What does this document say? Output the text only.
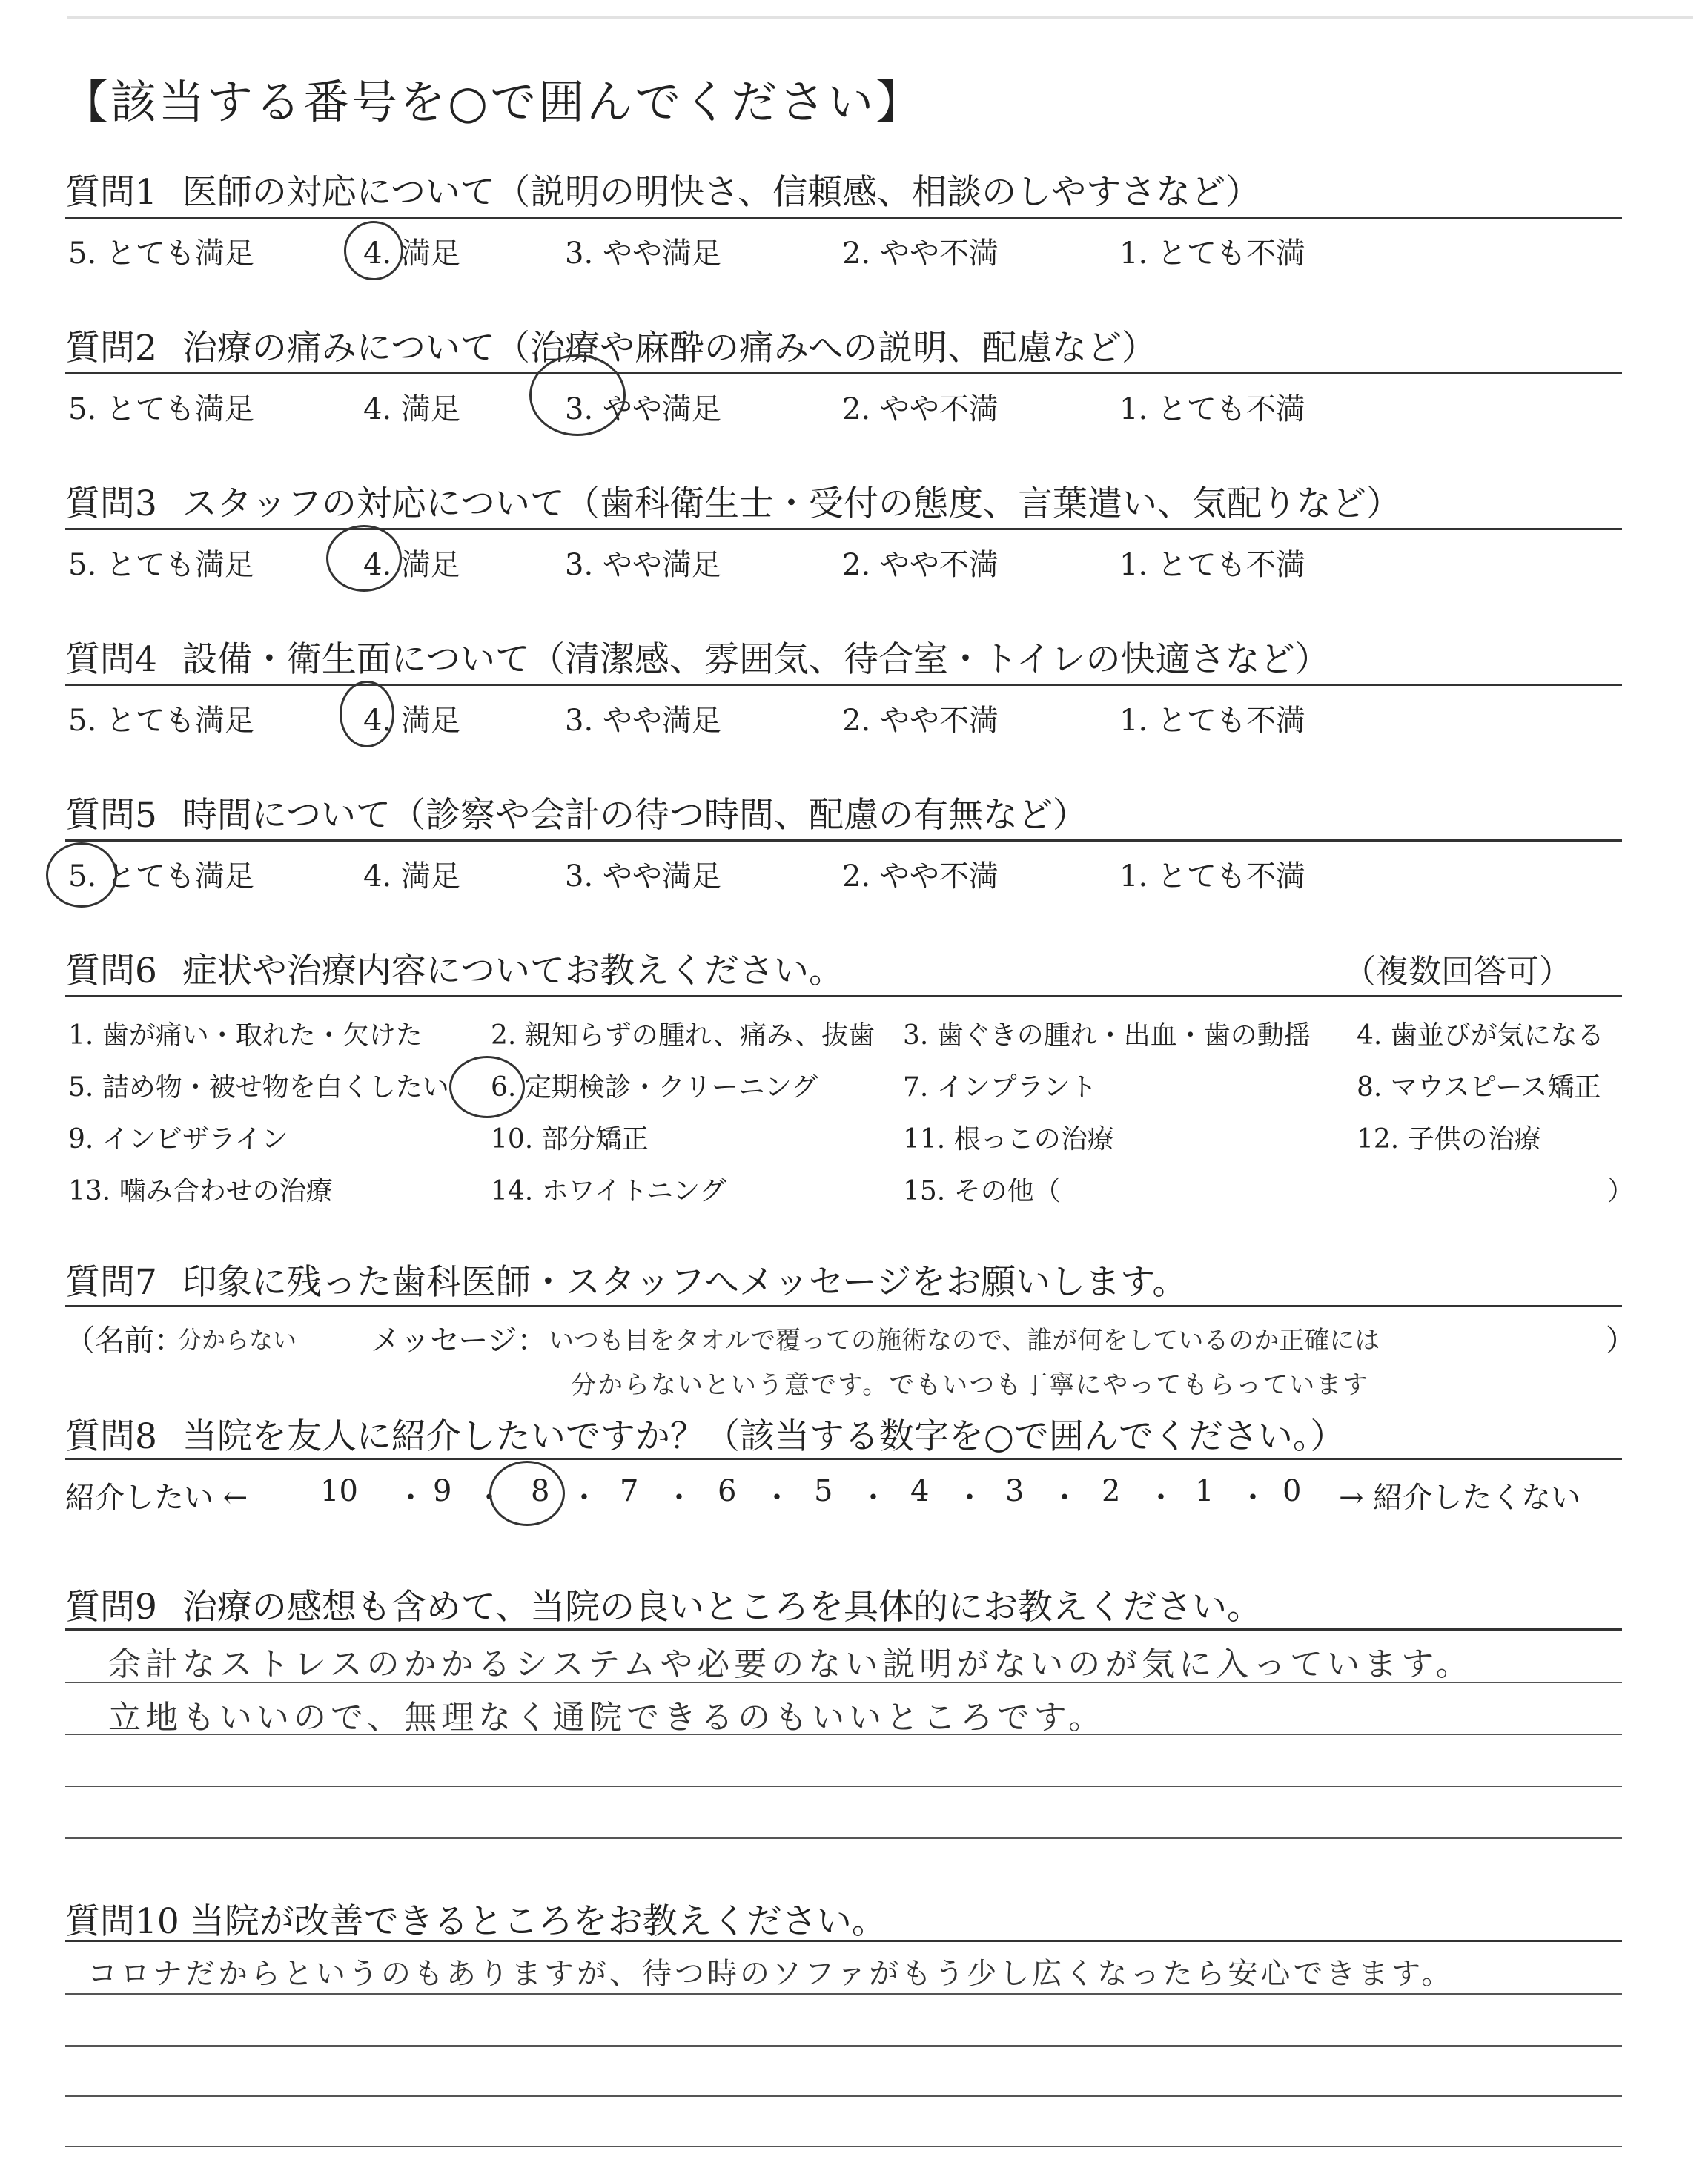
【該当する番号を○で囲んでください】
質問1 医師の対応について（説明の明快さ、信頼感、相談のしやすさなど）
5. とても満足	4. 満足	3. やや満足	2. やや不満	1. とても不満
質問2 治療の痛みについて（治療や麻酔の痛みへの説明、配慮など）
5. とても満足	4. 満足	3. やや満足	2. やや不満	1. とても不満
質問3 スタッフの対応について（歯科衛生士・受付の態度、言葉遣い、気配りなど）
5. とても満足	4. 満足	3. やや満足	2. やや不満	1. とても不満
質問4 設備・衛生面について（清潔感、雰囲気、待合室・トイレの快適さなど）
5. とても満足	4. 満足	3. やや満足	2. やや不満	1. とても不満
質問5 時間について（診察や会計の待つ時間、配慮の有無など）
5. とても満足	4. 満足	3. やや満足	2. やや不満	1. とても不満
質問6 症状や治療内容についてお教えください。	（複数回答可）
1. 歯が痛い・取れた・欠けた	2. 親知らずの腫れ、痛み、抜歯 3. 歯ぐきの腫れ・出血・歯の動揺 4. 歯並びが気になる
5. 詰め物・被せ物を白くしたい 6. 定期検診・クリーニング	7. インプラント	8. マウスピース矯正
9. インビザライン	10. 部分矯正	11. 根っこの治療	12. 子供の治療
13. 噛み合わせの治療	14. ホワイトニング	15. その他（	）
質問7 印象に残った歯科医師・スタッフへメッセージをお願いします。
（名前：
分からない メッセージ： いつも目をタオルで覆っての施術なので、誰が何をしているのか正確には	）
分からないという意です。でもいつも丁寧にやってもらっています
質問8 当院を友人に紹介したいですか？（該当する数字を○で囲んでください。）
紹介したい ← 10 ・ 9 ・ 8 ・ 7 ・ 6 ・ 5 ・ 4 ・ 3 ・ 2 ・ 1 ・ 0 → 紹介したくない
質問9 治療の感想も含めて、当院の良いところを具体的にお教えください。
余計なストレスのかかるシステムや必要のない説明がないのが気に入っています。
立地もいいので、無理なく通院できるのもいいところです。
質問10 当院が改善できるところをお教えください。
コロナだからというのもありますが、待つ時のソファがもう少し広くなったら安心できます。
